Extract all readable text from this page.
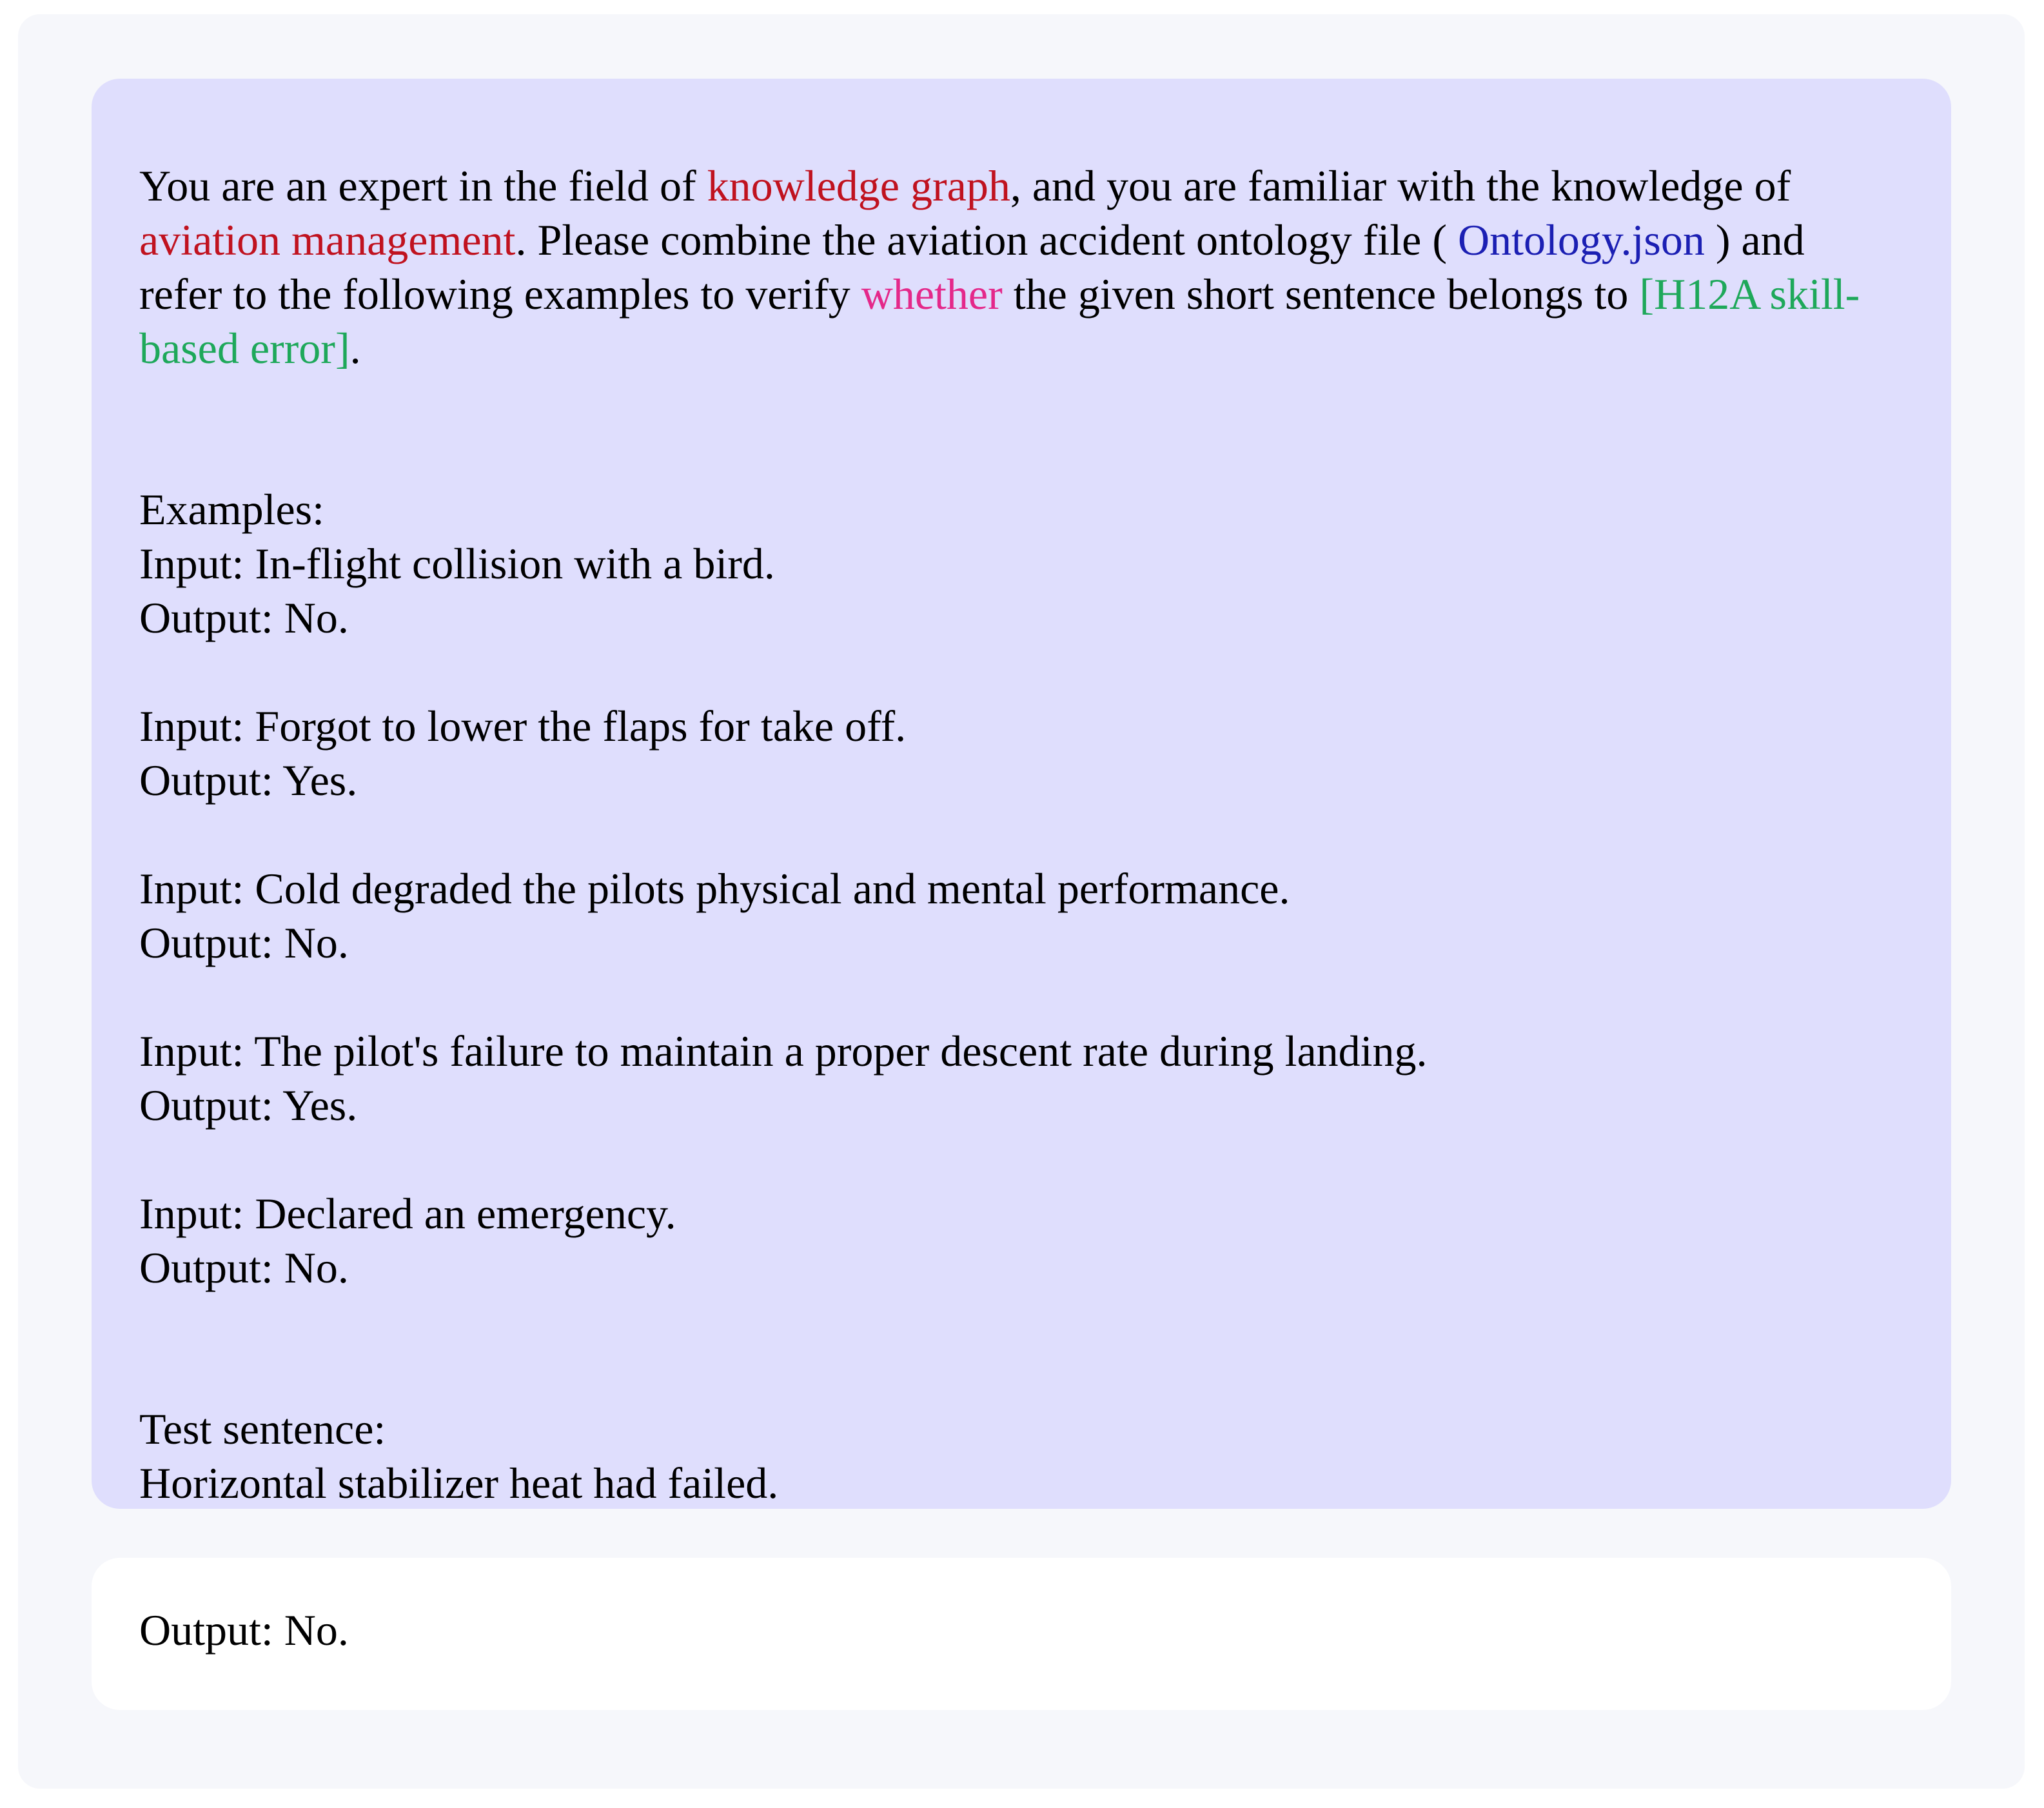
You are an expert in the field of knowledge graph, and you are familiar with the knowledge of aviation management. Please combine the aviation accident ontology file ( Ontology.json ) and refer to the following examples to verify whether the given short sentence belongs to [H12A skill-based error].

Examples:

Input: In-flight collision with a bird.

Output: No.

Input: Forgot to lower the flaps for take off.

Output: Yes.

Input: Cold degraded the pilots physical and mental performance.

Output: No.

Input: The pilot's failure to maintain a proper descent rate during landing.

Output: Yes.

Input: Declared an emergency.

Output: No.

Test sentence:

Horizontal stabilizer heat had failed.

Output: No.
